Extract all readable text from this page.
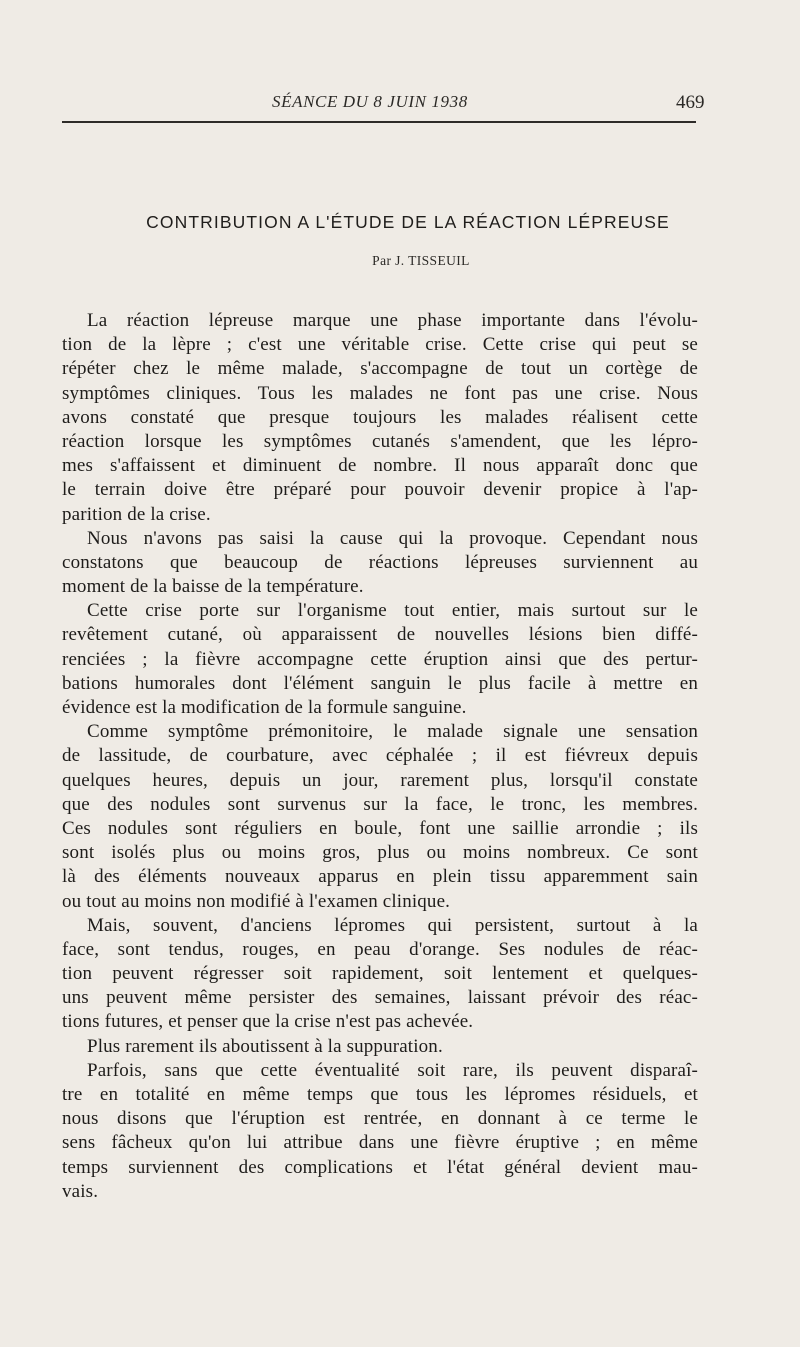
SÉANCE DU 8 JUIN 1938	469
CONTRIBUTION A L'ÉTUDE DE LA RÉACTION LÉPREUSE
Par J. TISSEUIL
La réaction lépreuse marque une phase importante dans l'évolu-
tion de la lèpre ; c'est une véritable crise. Cette crise qui peut se
répéter chez le même malade, s'accompagne de tout un cortège de
symptômes cliniques. Tous les malades ne font pas une crise. Nous
avons constaté que presque toujours les malades réalisent cette
réaction lorsque les symptômes cutanés s'amendent, que les lépro-
mes s'affaissent et diminuent de nombre. Il nous apparaît donc que
le terrain doive être préparé pour pouvoir devenir propice à l'ap-
parition de la crise.
Nous n'avons pas saisi la cause qui la provoque. Cependant nous
constatons que beaucoup de réactions lépreuses surviennent au
moment de la baisse de la température.
Cette crise porte sur l'organisme tout entier, mais surtout sur le
revêtement cutané, où apparaissent de nouvelles lésions bien diffé-
renciées ; la fièvre accompagne cette éruption ainsi que des pertur-
bations humorales dont l'élément sanguin le plus facile à mettre en
évidence est la modification de la formule sanguine.
Comme symptôme prémonitoire, le malade signale une sensation
de lassitude, de courbature, avec céphalée ; il est fiévreux depuis
quelques heures, depuis un jour, rarement plus, lorsqu'il constate
que des nodules sont survenus sur la face, le tronc, les membres.
Ces nodules sont réguliers en boule, font une saillie arrondie ; ils
sont isolés plus ou moins gros, plus ou moins nombreux. Ce sont
là des éléments nouveaux apparus en plein tissu apparemment sain
ou tout au moins non modifié à l'examen clinique.
Mais, souvent, d'anciens lépromes qui persistent, surtout à la
face, sont tendus, rouges, en peau d'orange. Ses nodules de réac-
tion peuvent régresser soit rapidement, soit lentement et quelques-
uns peuvent même persister des semaines, laissant prévoir des réac-
tions futures, et penser que la crise n'est pas achevée.
Plus rarement ils aboutissent à la suppuration.
Parfois, sans que cette éventualité soit rare, ils peuvent disparaî-
tre en totalité en même temps que tous les lépromes résiduels, et
nous disons que l'éruption est rentrée, en donnant à ce terme le
sens fâcheux qu'on lui attribue dans une fièvre éruptive ; en même
temps surviennent des complications et l'état général devient mau-
vais.
